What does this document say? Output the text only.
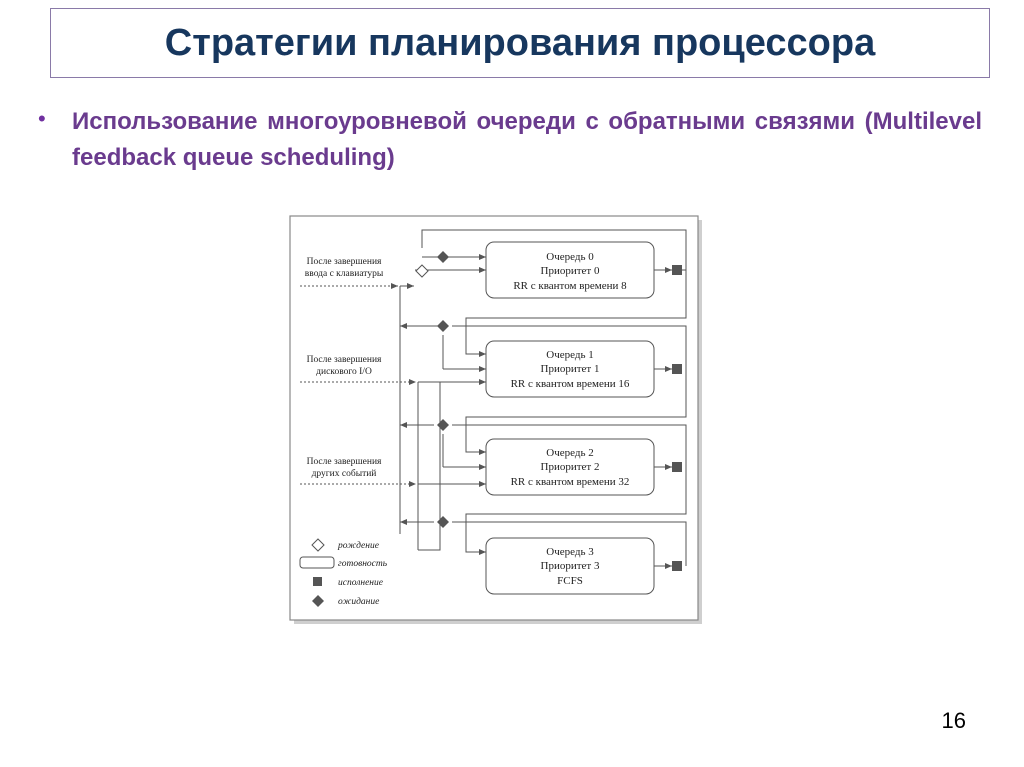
Стратегии планирования процессора
• Использование многоуровневой очереди с обратными связями (Multilevel feedback queue scheduling)
Очередь 0
Приоритет 0
RR с квантом времени 8
Очередь 1
Приоритет 1
RR с квантом времени 16
Очередь 2
Приоритет 2
RR с квантом времени 32
Очередь 3
Приоритет 3
FCFS
После завершения
ввода с клавиатуры
После завершения
дискового I/O
После завершения
других событий
рождение
готовность
исполнение
ожидание
16
